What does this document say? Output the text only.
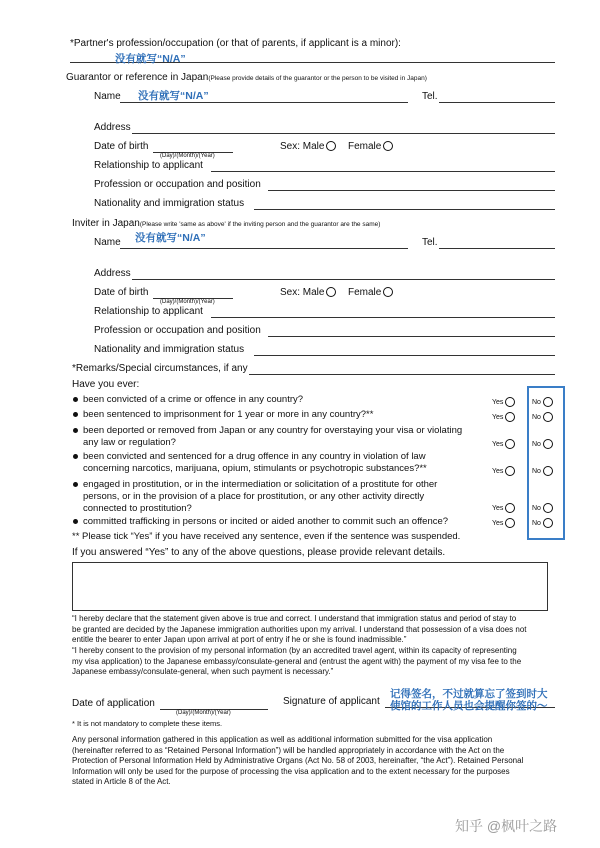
*Partner's profession/occupation (or that of parents, if applicant is a minor):
没有就写“N/A”
Guarantor or reference in Japan(Please provide details of the guarantor or the person to be visited in Japan)
Name 没有就写“N/A”	Tel.
Address
Date of birth
(Day)/(Month)/(Year)
Sex: Male	Female
Relationship to applicant
Profession or occupation and position
Nationality and immigration status
Inviter in Japan(Please write 'same as above' if the inviting person and the guarantor are the same)
Name 没有就写“N/A”	Tel.
Address
Date of birth
(Day)/(Month)/(Year)
Sex: Male	Female
Relationship to applicant
Profession or occupation and position
Nationality and immigration status
*Remarks/Special circumstances, if any
Have you ever:
been convicted of a crime or offence in any country?	Yes	No
been sentenced to imprisonment for 1 year or more in any country?**	Yes	No
been deported or removed from Japan or any country for overstaying your visa or violating
any law or regulation?	Yes	No
been convicted and sentenced for a drug offence in any country in violation of law
concerning narcotics, marijuana, opium, stimulants or psychotropic substances?**	Yes	No
engaged in prostitution, or in the intermediation or solicitation of a prostitute for other
persons, or in the provision of a place for prostitution, or any other activity directly
connected to prostitution?	Yes	No
committed trafficking in persons or incited or aided another to commit such an offence?	Yes	No
** Please tick “Yes” if you have received any sentence, even if the sentence was suspended.
If you answered “Yes” to any of the above questions, please provide relevant details.
“I hereby declare that the statement given above is true and correct. I understand that immigration status and period of stay to
be granted are decided by the Japanese immigration authorities upon my arrival. I understand that possession of a visa does not
entitle the bearer to enter Japan upon arrival at port of entry if he or she is found inadmissible.”
“I hereby consent to the provision of my personal information (by an accredited travel agent, within its capacity of representing
my visa application) to the Japanese embassy/consulate-general and (entrust the agent with) the payment of my visa fee to the
Japanese embassy/consulate-general, when such payment is necessary.”
Date of application
(Day)/(Month)/(Year)
Signature of applicant
记得签名，不过就算忘了签到时大
使馆的工作人员也会提醒你签的～
* It is not mandatory to complete these items.
Any personal information gathered in this application as well as additional information submitted for the visa application
(hereinafter referred to as “Retained Personal Information”) will be handled appropriately in accordance with the Act on the
Protection of Personal Information Held by Administrative Organs (Act No. 58 of 2003, hereinafter, “the Act”). Retained Personal
Information will only be used for the purpose of processing the visa application and to the extent necessary for the purposes
stated in Article 8 of the Act.
知乎 @枫叶之路
